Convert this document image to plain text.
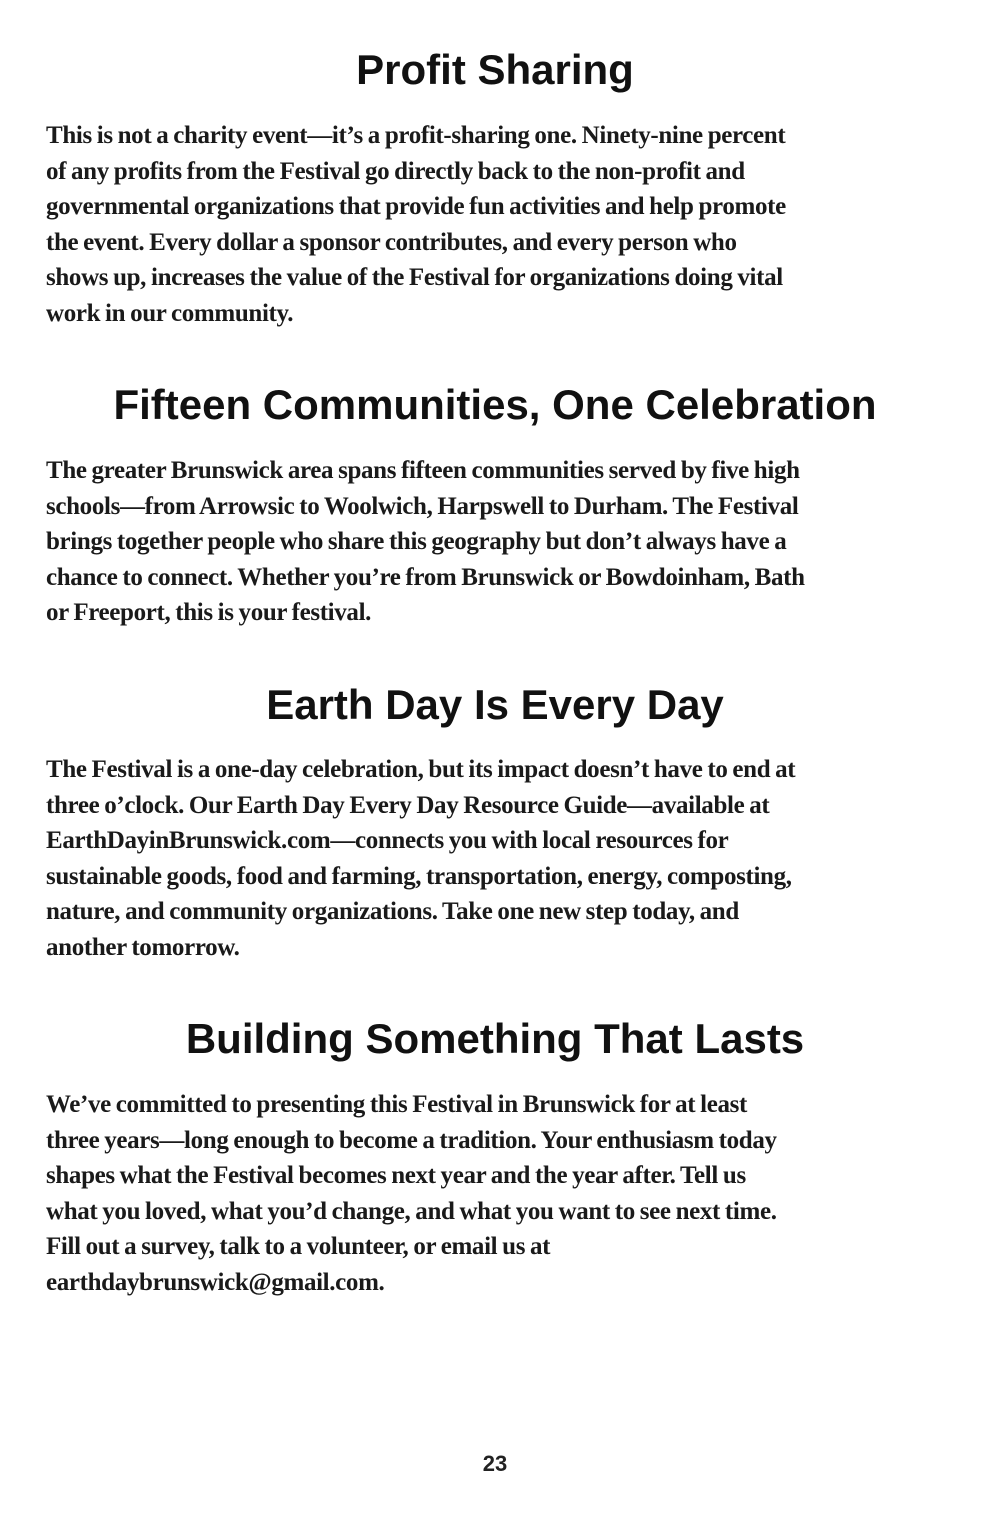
Profit Sharing
This is not a charity event—it’s a profit-sharing one. Ninety-nine percent
of any profits from the Festival go directly back to the non-profit and
governmental organizations that provide fun activities and help promote
the event. Every dollar a sponsor contributes, and every person who
shows up, increases the value of the Festival for organizations doing vital
work in our community.
Fifteen Communities, One Celebration
The greater Brunswick area spans fifteen communities served by five high
schools—from Arrowsic to Woolwich, Harpswell to Durham. The Festival
brings together people who share this geography but don’t always have a
chance to connect. Whether you’re from Brunswick or Bowdoinham, Bath
or Freeport, this is your festival.
Earth Day Is Every Day
The Festival is a one-day celebration, but its impact doesn’t have to end at
three o’clock. Our Earth Day Every Day Resource Guide—available at
EarthDayinBrunswick.com—connects you with local resources for
sustainable goods, food and farming, transportation, energy, composting,
nature, and community organizations. Take one new step today, and
another tomorrow.
Building Something That Lasts
We’ve committed to presenting this Festival in Brunswick for at least
three years—long enough to become a tradition. Your enthusiasm today
shapes what the Festival becomes next year and the year after. Tell us
what you loved, what you’d change, and what you want to see next time.
Fill out a survey, talk to a volunteer, or email us at
earthdaybrunswick@gmail.com.
23
